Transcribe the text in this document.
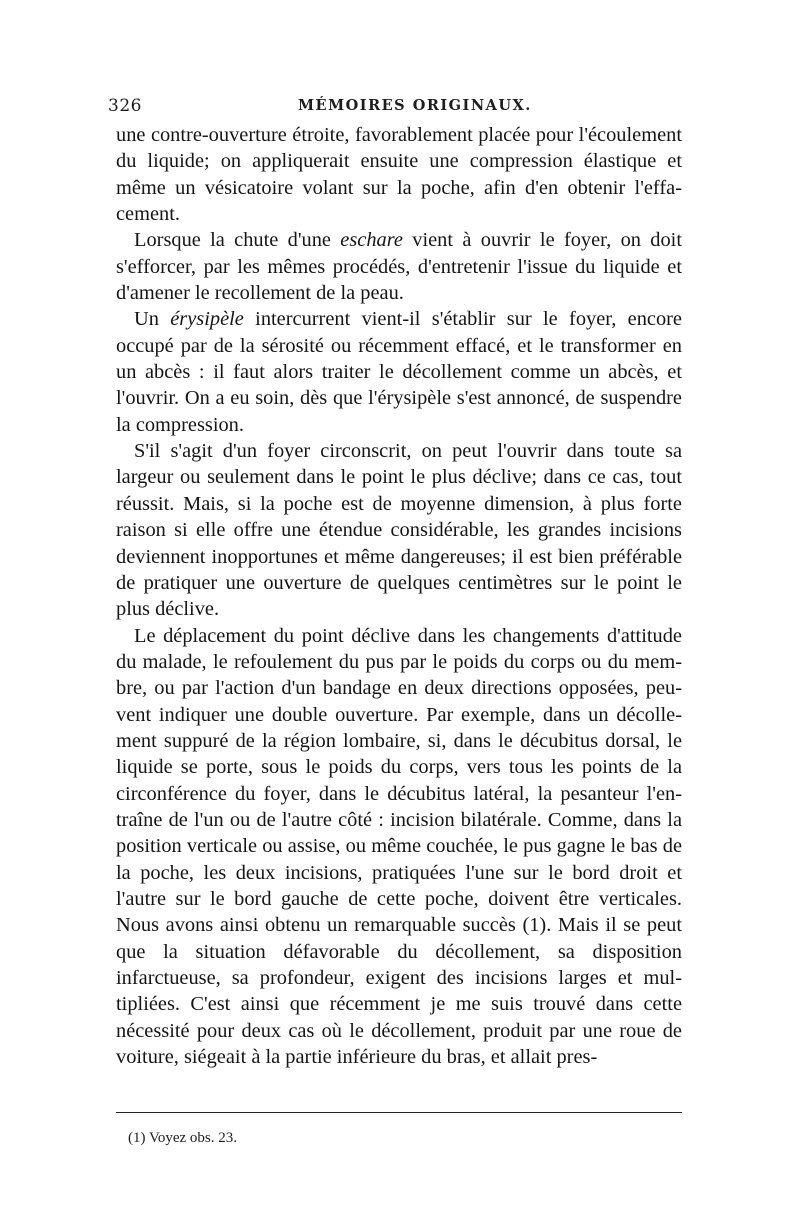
326	MÉMOIRES ORIGINAUX.

une contre-ouverture étroite, favorablement placée pour l'écoulement du liquide; on appliquerait ensuite une compression élastique et même un vésicatoire volant sur la poche, afin d'en obtenir l'effacement.

Lorsque la chute d'une eschare vient à ouvrir le foyer, on doit s'efforcer, par les mêmes procédés, d'entretenir l'issue du liquide et d'amener le recollement de la peau.

Un érysipèle intercurrent vient-il s'établir sur le foyer, encore occupé par de la sérosité ou récemment effacé, et le transformer en un abcès : il faut alors traiter le décollement comme un abcès, et l'ouvrir. On a eu soin, dès que l'érysipèle s'est annoncé, de suspendre la compression.

S'il s'agit d'un foyer circonscrit, on peut l'ouvrir dans toute sa largeur ou seulement dans le point le plus déclive; dans ce cas, tout réussit. Mais, si la poche est de moyenne dimension, à plus forte raison si elle offre une étendue considérable, les grandes incisions deviennent inopportunes et même dangereuses; il est bien préférable de pratiquer une ouverture de quelques centimètres sur le point le plus déclive.

Le déplacement du point déclive dans les changements d'attitude du malade, le refoulement du pus par le poids du corps ou du membre, ou par l'action d'un bandage en deux directions opposées, peuvent indiquer une double ouverture. Par exemple, dans un décollement suppuré de la région lombaire, si, dans le décubitus dorsal, le liquide se porte, sous le poids du corps, vers tous les points de la circonférence du foyer, dans le décubitus latéral, la pesanteur l'entraîne de l'un ou de l'autre côté : incision bilatérale. Comme, dans la position verticale ou assise, ou même couchée, le pus gagne le bas de la poche, les deux incisions, pratiquées l'une sur le bord droit et l'autre sur le bord gauche de cette poche, doivent être verticales. Nous avons ainsi obtenu un remarquable succès (1). Mais il se peut que la situation défavorable du décollement, sa disposition infarctueuse, sa profondeur, exigent des incisions larges et multipliées. C'est ainsi que récemment je me suis trouvé dans cette nécessité pour deux cas où le décollement, produit par une roue de voiture, siégeait à la partie inférieure du bras, et allait pres-

(1) Voyez obs. 23.
